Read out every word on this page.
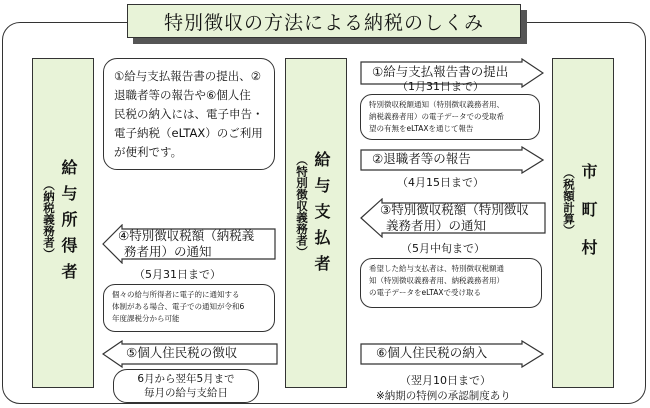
特別徴収の方法による納税のしくみ
給与所得者
（納税義務者）	給与支払者
（特別徴収義務者）	市町村
（税額計算）
①給与支払報告書の提出、②
退職者等の報告や⑥個人住
民税の納入には、電子申告・
電子納税（eLTAX）のご利用
が便利です。
①給与支払報告書の提出
（1月31日まで）
特別徴収税額通知（特別徴収義務者用、
納税義務者用）の電子データでの受取希
望の有無をeLTAXを通じて報告
②退職者等の報告
（4月15日まで）
③特別徴収税額（特別徴収
義務者用）の通知
（5月中旬まで）
希望した給与支払者は、特別徴収税額通
知（特別徴収義務者用、納税義務者用）
の電子データをeLTAXで受け取る
④特別徴収税額（納税義
務者用）の通知
（5月31日まで）
個々の給与所得者に電子的に通知する
体制がある場合、電子での通知が令和6
年度課税分から可能
⑤個人住民税の徴収
6月から翌年5月まで
毎月の給与支給日
⑥個人住民税の納入
（翌月10日まで）
※納期の特例の承認制度あり
